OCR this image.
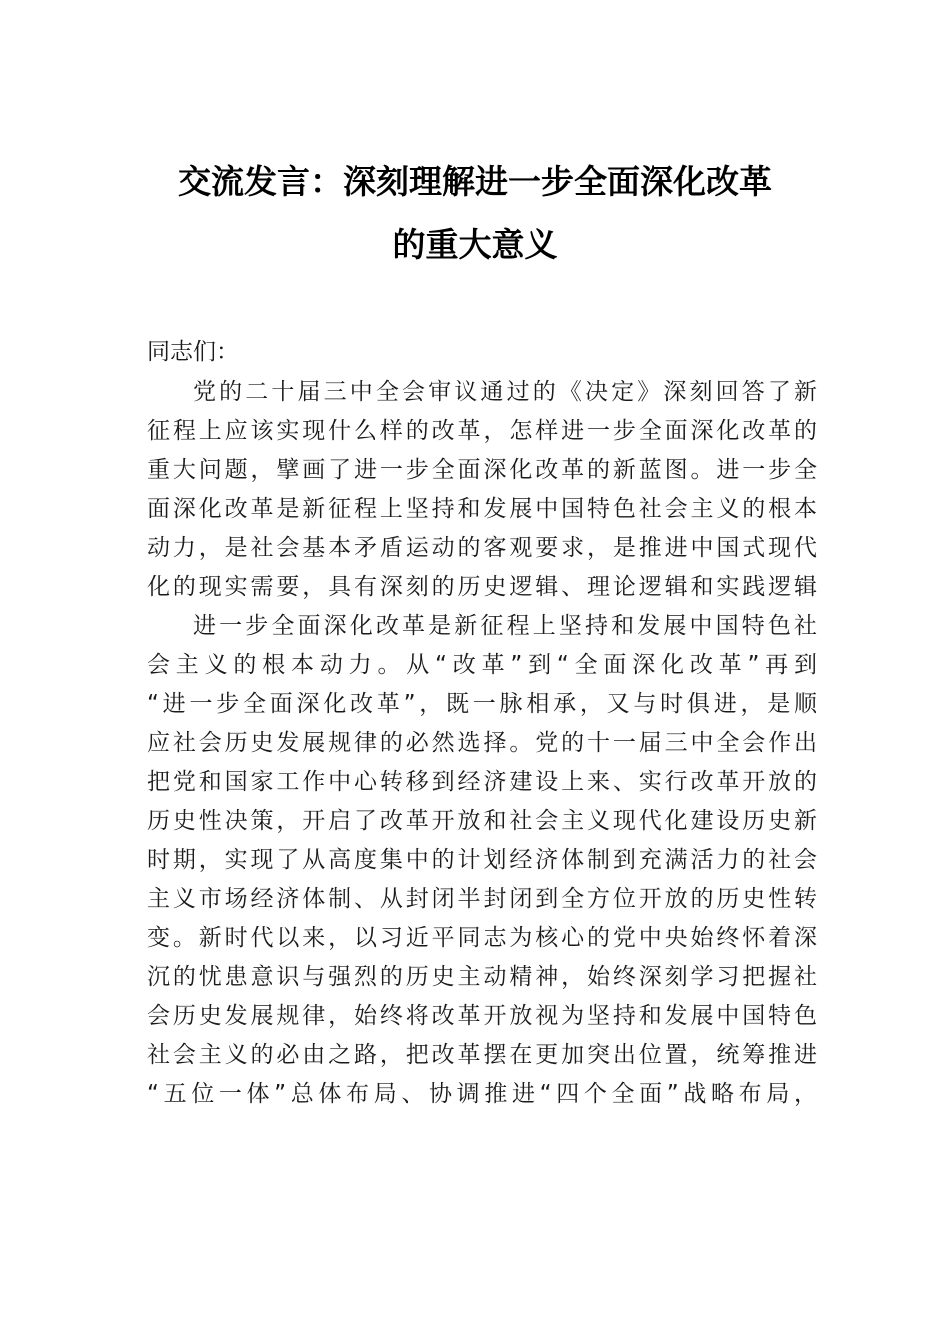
交流发言：深刻理解进一步全面深化改革
的重大意义
同志们：
党的二十届三中全会审议通过的《决定》深刻回答了新
征程上应该实现什么样的改革，怎样进一步全面深化改革的
重大问题，擘画了进一步全面深化改革的新蓝图。进一步全
面深化改革是新征程上坚持和发展中国特色社会主义的根本
动力，是社会基本矛盾运动的客观要求，是推进中国式现代
化的现实需要，具有深刻的历史逻辑、理论逻辑和实践逻辑
进一步全面深化改革是新征程上坚持和发展中国特色社
会主义的根本动力。从“改革”到“全面深化改革”再到
“进一步全面深化改革”，既一脉相承，又与时俱进，是顺
应社会历史发展规律的必然选择。党的十一届三中全会作出
把党和国家工作中心转移到经济建设上来、实行改革开放的
历史性决策，开启了改革开放和社会主义现代化建设历史新
时期，实现了从高度集中的计划经济体制到充满活力的社会
主义市场经济体制、从封闭半封闭到全方位开放的历史性转
变。新时代以来，以习近平同志为核心的党中央始终怀着深
沉的忧患意识与强烈的历史主动精神，始终深刻学习把握社
会历史发展规律，始终将改革开放视为坚持和发展中国特色
社会主义的必由之路，把改革摆在更加突出位置，统筹推进
“五位一体”总体布局、协调推进“四个全面”战略布局，
